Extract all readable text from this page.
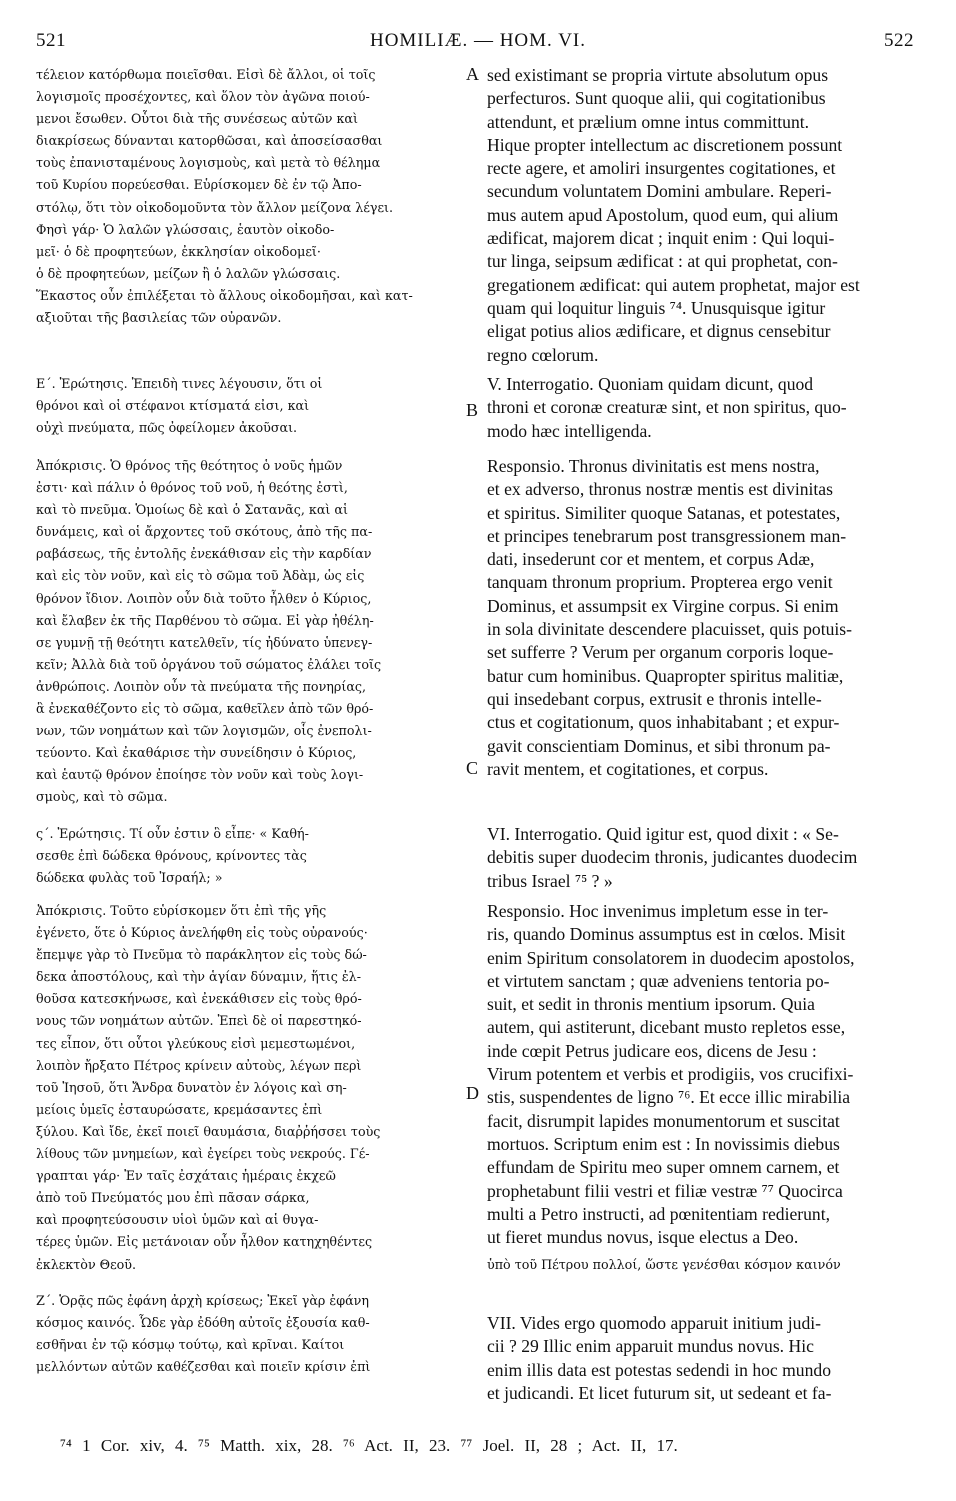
521	HOMILIÆ. — HOM. VI.	522
τέλειον κατόρθωμα ποιεῖσθαι. Εἰσὶ δὲ ἄλλοι, οἱ τοῖς
λογισμοῖς προσέχοντες, καὶ ὅλον τὸν ἀγῶνα ποιού-
μενοι ἔσωθεν. Οὗτοι διὰ τῆς συνέσεως αὐτῶν καὶ
διακρίσεως δύνανται κατορθῶσαι, καὶ ἀποσείσασθαι
τοὺς ἐπανισταμένους λογισμοὺς, καὶ μετὰ τὸ θέλημα
τοῦ Κυρίου πορεύεσθαι. Εὑρίσκομεν δὲ ἐν τῷ Ἀπο-
στόλῳ, ὅτι τὸν οἰκοδομοῦντα τὸν ἄλλον μείζονα λέγει.
Φησὶ γάρ· Ὁ λαλῶν γλώσσαις, ἑαυτὸν οἰκοδο-
μεῖ· ὁ δὲ προφητεύων, ἐκκλησίαν οἰκοδομεῖ·
ὁ δὲ προφητεύων, μείζων ἢ ὁ λαλῶν γλώσσαις.
Ἕκαστος οὖν ἐπιλέξεται τὸ ἄλλους οἰκοδομῆσαι, καὶ κατ-
αξιοῦται τῆς βασιλείας τῶν οὐρανῶν.
Ε΄. Ἐρώτησις. Ἐπειδὴ τινες λέγουσιν, ὅτι οἱ
θρόνοι καὶ οἱ στέφανοι κτίσματά εἰσι, καὶ
οὐχὶ πνεύματα, πῶς ὀφείλομεν ἀκοῦσαι.
Ἀπόκρισις. Ὁ θρόνος τῆς θεότητος ὁ νοῦς ἡμῶν
ἐστι· καὶ πάλιν ὁ θρόνος τοῦ νοῦ, ἡ θεότης ἐστὶ,
καὶ τὸ πνεῦμα. Ὁμοίως δὲ καὶ ὁ Σατανᾶς, καὶ αἱ
δυνάμεις, καὶ οἱ ἄρχοντες τοῦ σκότους, ἀπὸ τῆς πα-
ραβάσεως, τῆς ἐντολῆς ἐνεκάθισαν εἰς τὴν καρδίαν
καὶ εἰς τὸν νοῦν, καὶ εἰς τὸ σῶμα τοῦ Ἀδὰμ, ὡς εἰς
θρόνον ἴδιον. Λοιπὸν οὖν διὰ τοῦτο ἦλθεν ὁ Κύριος,
καὶ ἔλαβεν ἐκ τῆς Παρθένου τὸ σῶμα. Εἰ γὰρ ἠθέλη-
σε γυμνῇ τῇ θεότητι κατελθεῖν, τίς ἠδύνατο ὑπενεγ-
κεῖν; Ἀλλὰ διὰ τοῦ ὀργάνου τοῦ σώματος ἐλάλει τοῖς
ἀνθρώποις. Λοιπὸν οὖν τὰ πνεύματα τῆς πονηρίας,
ἃ ἐνεκαθέζοντο εἰς τὸ σῶμα, καθεῖλεν ἀπὸ τῶν θρό-
νων, τῶν νοημάτων καὶ τῶν λογισμῶν, οἷς ἐνεπολι-
τεύοντο. Καὶ ἐκαθάρισε τὴν συνείδησιν ὁ Κύριος,
καὶ ἑαυτῷ θρόνον ἐποίησε τὸν νοῦν καὶ τοὺς λογι-
σμοὺς, καὶ τὸ σῶμα.
ς΄. Ἐρώτησις. Τί οὖν ἐστιν ὃ εἶπε· « Καθή-
σεσθε ἐπὶ δώδεκα θρόνους, κρίνοντες τὰς
δώδεκα φυλὰς τοῦ Ἰσραήλ; »
Ἀπόκρισις. Τοῦτο εὑρίσκομεν ὅτι ἐπὶ τῆς γῆς
ἐγένετο, ὅτε ὁ Κύριος ἀνελήφθη εἰς τοὺς οὐρανούς·
ἔπεμψε γὰρ τὸ Πνεῦμα τὸ παράκλητον εἰς τοὺς δώ-
δεκα ἀποστόλους, καὶ τὴν ἁγίαν δύναμιν, ἥτις ἐλ-
θοῦσα κατεσκήνωσε, καὶ ἐνεκάθισεν εἰς τοὺς θρό-
νους τῶν νοημάτων αὐτῶν. Ἐπεὶ δὲ οἱ παρεστηκό-
τες εἶπον, ὅτι οὗτοι γλεύκους εἰσὶ μεμεστωμένοι,
λοιπὸν ἤρξατο Πέτρος κρίνειν αὐτοὺς, λέγων περὶ
τοῦ Ἰησοῦ, ὅτι Ἄνδρα δυνατὸν ἐν λόγοις καὶ ση-
μείοις ὑμεῖς ἐσταυρώσατε, κρεμάσαντες ἐπὶ
ξύλου. Καὶ ἴδε, ἐκεῖ ποιεῖ θαυμάσια, διαῤῥήσσει τοὺς
λίθους τῶν μνημείων, καὶ ἐγείρει τοὺς νεκρούς. Γέ-
γραπται γάρ· Ἐν ταῖς ἐσχάταις ἡμέραις ἐκχεῶ
ἀπὸ τοῦ Πνεύματός μου ἐπὶ πᾶσαν σάρκα,
καὶ προφητεύσουσιν υἱοὶ ὑμῶν καὶ αἱ θυγα-
τέρες ὑμῶν. Εἰς μετάνοιαν οὖν ἦλθον κατηχηθέντες
ἐκλεκτὸν Θεοῦ.
Ζ΄. Ὁρᾷς πῶς ἐφάνη ἀρχὴ κρίσεως; Ἐκεῖ γὰρ ἐφάνη
κόσμος καινός. Ὧδε γὰρ ἐδόθη αὐτοῖς ἐξουσία καθ-
εσθῆναι ἐν τῷ κόσμῳ τούτῳ, καὶ κρῖναι. Καίτοι
μελλόντων αὐτῶν καθέζεσθαι καὶ ποιεῖν κρίσιν ἐπὶ
sed existimant se propria virtute absolutum opus
perfecturos. Sunt quoque alii, qui cogitationibus
attendunt, et prælium omne intus committunt.
Hique propter intellectum ac discretionem possunt
recte agere, et amoliri insurgentes cogitationes, et
secundum voluntatem Domini ambulare. Reperi-
mus autem apud Apostolum, quod eum, qui alium
ædificat, majorem dicat ; inquit enim : Qui loqui-
tur linga, seipsum ædificat : at qui prophetat, con-
gregationem ædificat: qui autem prophetat, major est
quam qui loquitur linguis ⁷⁴. Unusquisque igitur
eligat potius alios ædificare, et dignus censebitur
regno cœlorum.
V. Interrogatio. Quoniam quidam dicunt, quod
throni et coronæ creaturæ sint, et non spiritus, quo-
modo hæc intelligenda.
Responsio. Thronus divinitatis est mens nostra,
et ex adverso, thronus nostræ mentis est divinitas
et spiritus. Similiter quoque Satanas, et potestates,
et principes tenebrarum post transgressionem man-
dati, insederunt cor et mentem, et corpus Adæ,
tanquam thronum proprium. Propterea ergo venit
Dominus, et assumpsit ex Virgine corpus. Si enim
in sola divinitate descendere placuisset, quis potuis-
set sufferre ? Verum per organum corporis loque-
batur cum hominibus. Quapropter spiritus malitiæ,
qui insedebant corpus, extrusit e thronis intelle-
ctus et cogitationum, quos inhabitabant ; et expur-
gavit conscientiam Dominus, et sibi thronum pa-
ravit mentem, et cogitationes, et corpus.
VI. Interrogatio. Quid igitur est, quod dixit : « Se-
debitis super duodecim thronis, judicantes duodecim
tribus Israel ⁷⁵ ? »
Responsio. Hoc invenimus impletum esse in ter-
ris, quando Dominus assumptus est in cœlos. Misit
enim Spiritum consolatorem in duodecim apostolos,
et virtutem sanctam ; quæ adveniens tentoria po-
suit, et sedit in thronis mentium ipsorum. Quia
autem, qui astiterunt, dicebant musto repletos esse,
inde cœpit Petrus judicare eos, dicens de Jesu :
Virum potentem et verbis et prodigiis, vos crucifixi-
stis, suspendentes de ligno ⁷⁶. Et ecce illic mirabilia
facit, disrumpit lapides monumentorum et suscitat
mortuos. Scriptum enim est : In novissimis diebus
effundam de Spiritu meo super omnem carnem, et
prophetabunt filii vestri et filiæ vestræ ⁷⁷ Quocirca
multi a Petro instructi, ad pœnitentiam redierunt,
ut fieret mundus novus, isque electus a Deo.
ὑπὸ τοῦ Πέτρου πολλοί, ὥστε γενέσθαι κόσμον καινόν
VII. Vides ergo quomodo apparuit initium judi-
cii ? 29 Illic enim apparuit mundus novus. Hic
enim illis data est potestas sedendi in hoc mundo
et judicandi. Et licet futurum sit, ut sedeant et fa-
A
B
C
D
⁷⁴ 1 Cor. xiv, 4. ⁷⁵ Matth. xix, 28. ⁷⁶ Act. II, 23. ⁷⁷ Joel. II, 28 ; Act. II, 17.
